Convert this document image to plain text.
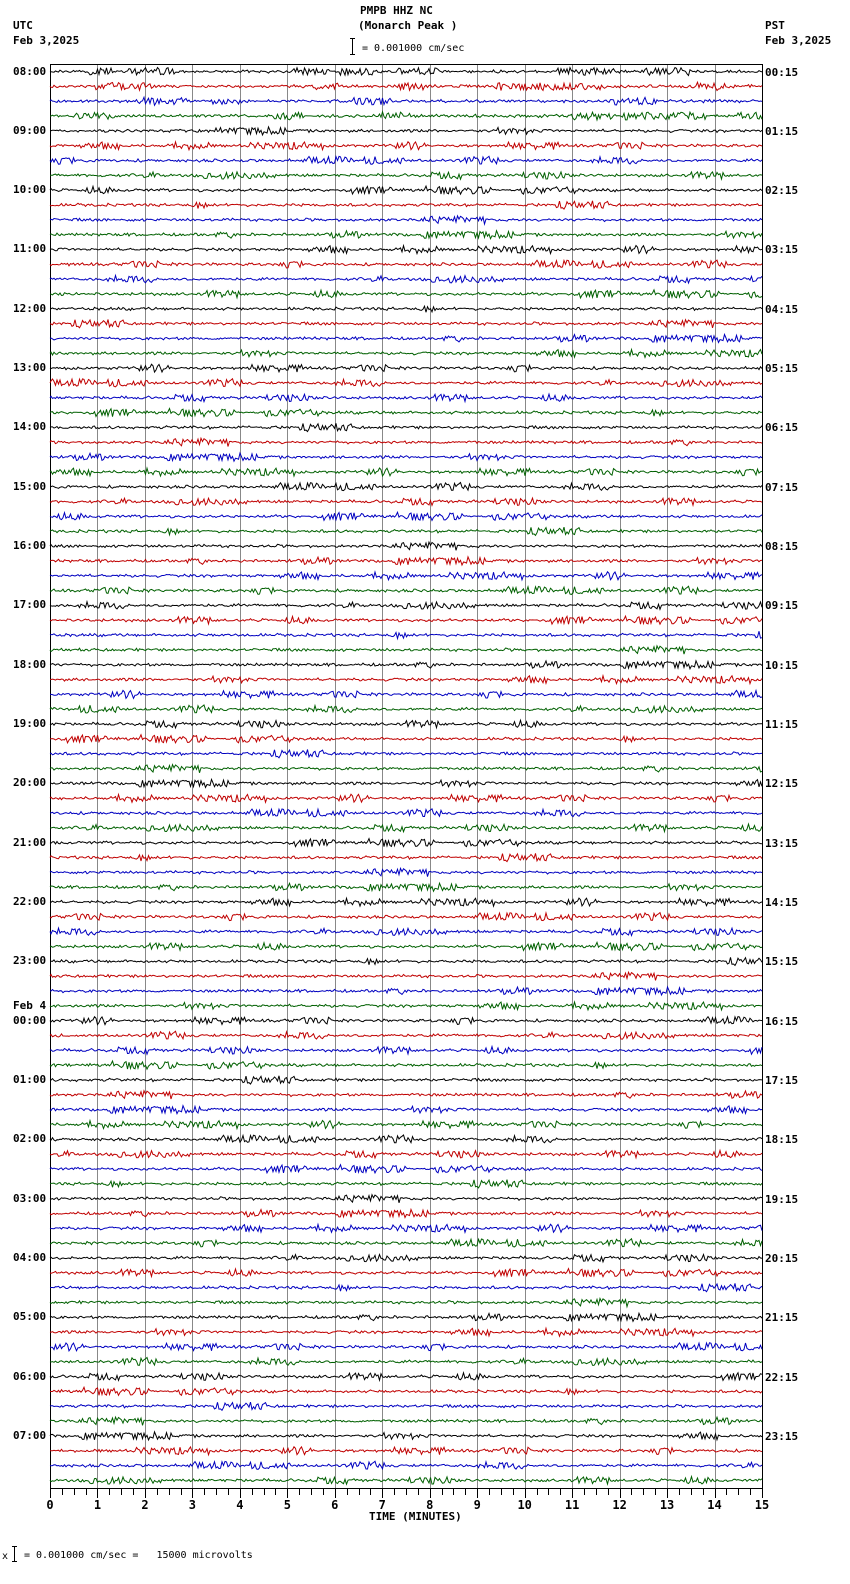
UTC
Feb 3,2025
PMPB HHZ NC
(Monarch Peak )
= 0.001000 cm/sec
PST
Feb 3,2025
0	1	2	3	4	5	6	7	8	9	10	11	12	13	14	15
08:00
09:00
10:00
11:00
12:00
13:00
14:00
15:00
16:00
17:00
18:00
19:00
20:00
21:00
22:00
23:00
00:00
Feb 4
01:00
02:00
03:00
04:00
05:00
06:00
07:00
00:15
01:15
02:15
03:15
04:15
05:15
06:15
07:15
08:15
09:15
10:15
11:15
12:15
13:15
14:15
15:15
16:15
17:15
18:15
19:15
20:15
21:15
22:15
23:15
TIME (MINUTES)
x = 0.001000 cm/sec =   15000 microvolts
